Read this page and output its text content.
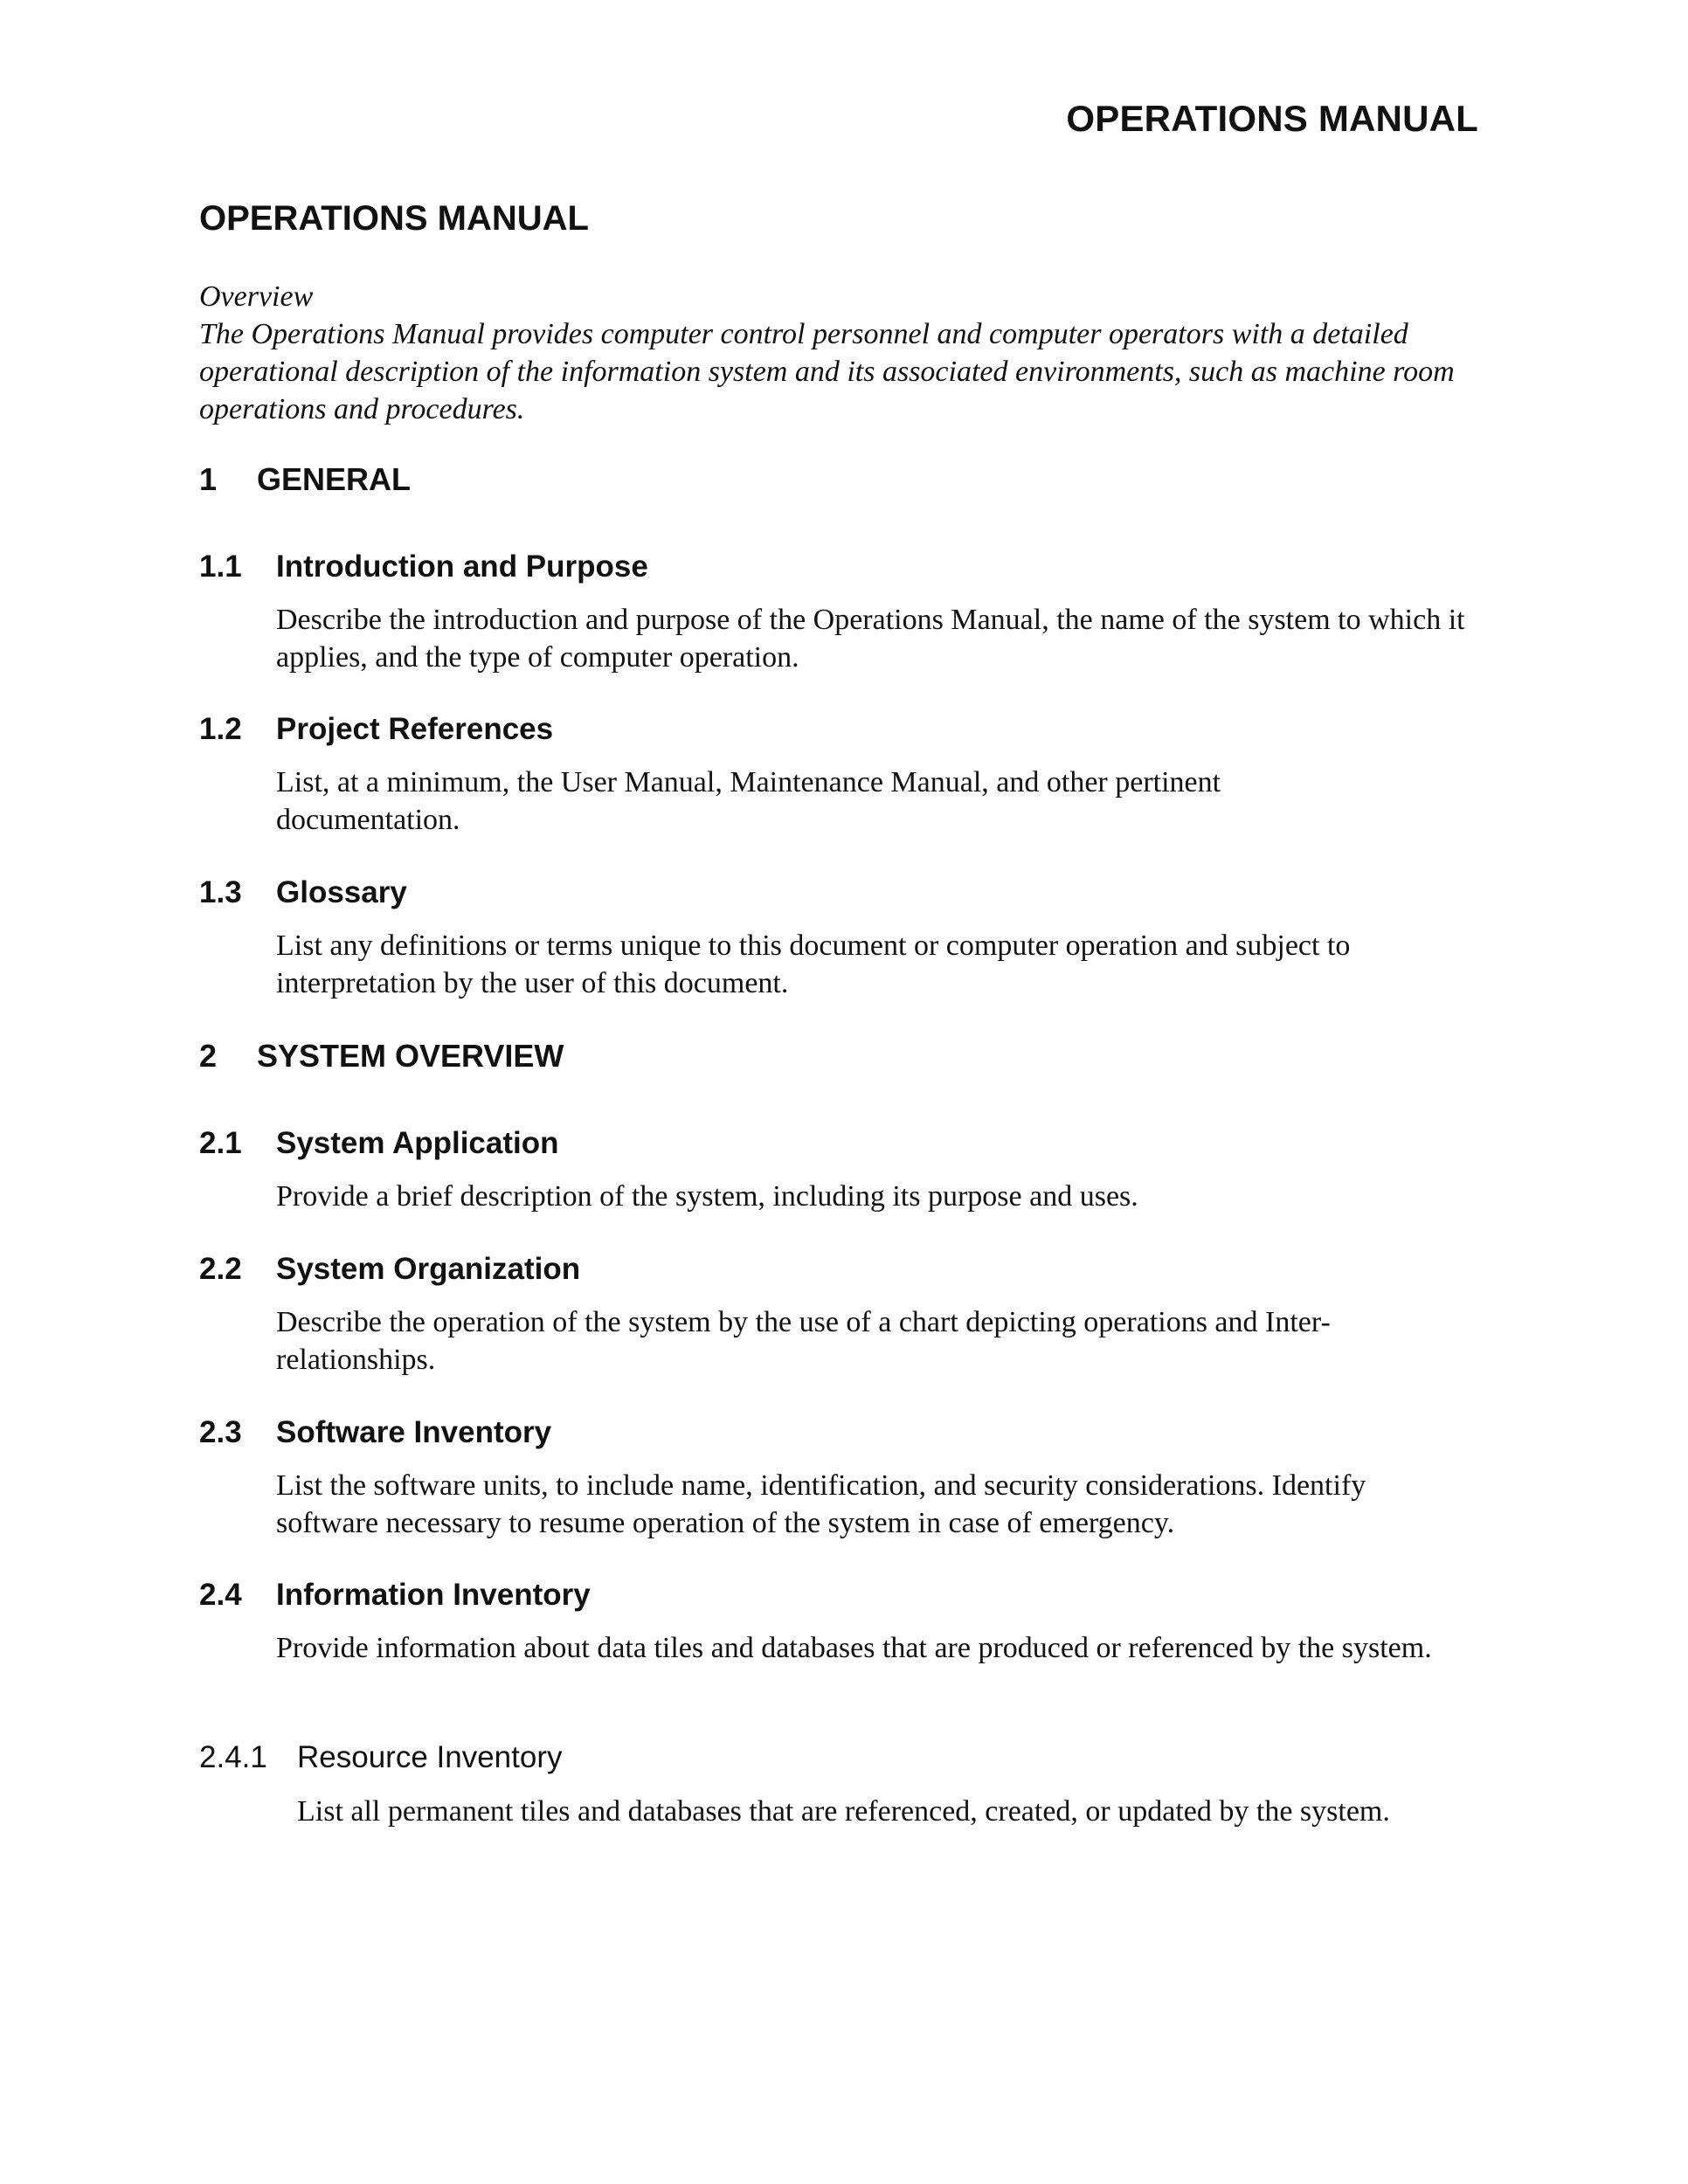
OPERATIONS MANUAL
OPERATIONS MANUAL

Overview
The Operations Manual provides computer control personnel and computer operators with a detailed operational description of the information system and its associated environments, such as machine room operations and procedures.

1	GENERAL
1.1	Introduction and Purpose

Describe the introduction and purpose of the Operations Manual, the name of the system to which it applies, and the type of computer operation.

1.2	Project References

List, at a minimum, the User Manual, Maintenance Manual, and other pertinent documentation.

1.3	Glossary

List any definitions or terms unique to this document or computer operation and subject to interpretation by the user of this document.

2	SYSTEM OVERVIEW
2.1	System Application

Provide a brief description of the system, including its purpose and uses.

2.2	System Organization

Describe the operation of the system by the use of a chart depicting operations and Inter-relationships.

2.3	Software Inventory

List the software units, to include name, identification, and security considerations. Identify software necessary to resume operation of the system in case of emergency.

2.4	Information Inventory

Provide information about data tiles and databases that are produced or referenced by the system.

2.4.1 Resource Inventory

List all permanent tiles and databases that are referenced, created, or updated by the system.
